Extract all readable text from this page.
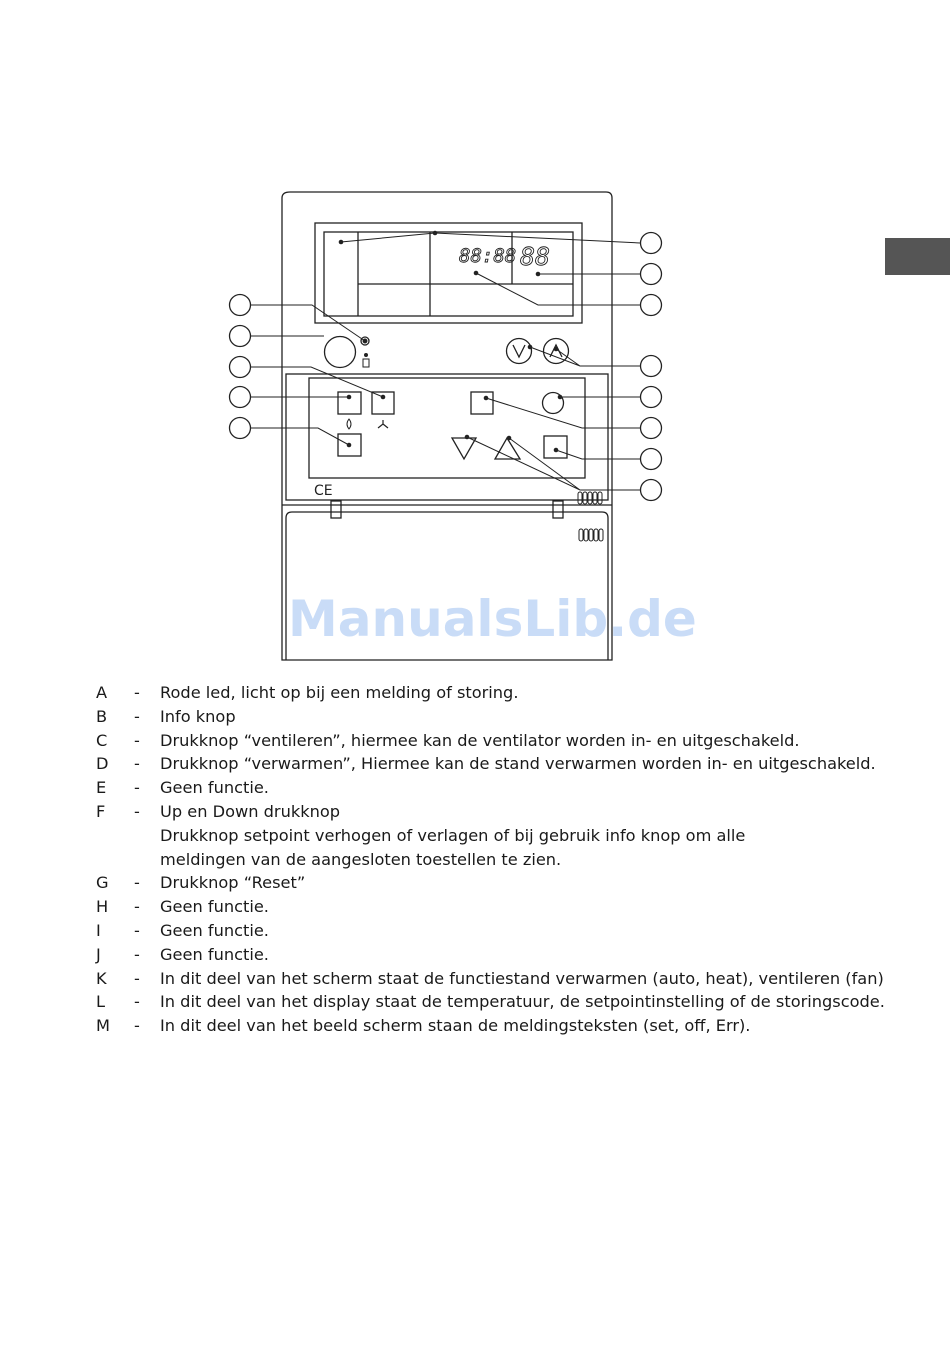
88:88 88
CE
ManualsLib.de
A	-	Rode led, licht op bij een melding of storing.
B	-	Info knop
C	-	Drukknop “ventileren”, hiermee kan de ventilator worden in- en uitgeschakeld.
D	-	Drukknop “verwarmen”, Hiermee kan de stand verwarmen worden in- en uitgeschakeld.
E	-	Geen functie.
F	-	Up en Down drukknop
Drukknop setpoint verhogen of verlagen of bij gebruik info knop om alle
meldingen van de aangesloten toestellen te zien.
G	-	Drukknop “Reset”
H	-	Geen functie.
I	-	Geen functie.
J	-	Geen functie.
K	-	In dit deel van het scherm staat de functiestand verwarmen (auto, heat), ventileren (fan)
L	-	In dit deel van het display staat de temperatuur, de setpointinstelling of de storingscode.
M	-	In dit deel van het beeld scherm staan de meldingsteksten (set, off, Err).
